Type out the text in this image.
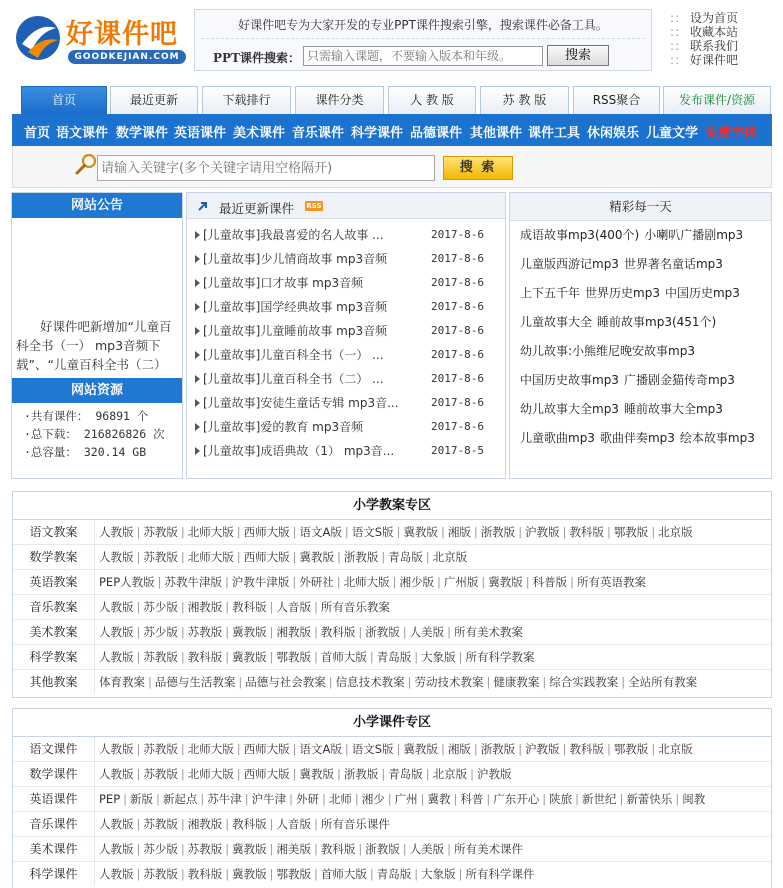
好课件吧
GOODKEJIAN.COM
好课件吧专为大家开发的专业PPT课件搜索引擎，搜索课件必备工具。
PPT课件搜索：
只需输入课题，不要输入版本和年级。	搜索
:: 设为首页
:: 收藏本站
:: 联系我们
:: 好课件吧
首页	最近更新	下载排行	课件分类	人 教 版	苏 教 版	RSS聚合	发布课件/资源
首页 语文课件 数学课件 英语课件 美术课件 音乐课件 科学课件 品德课件 其他课件 课件工具 休闲娱乐 儿童文学 免费字体
请输入关键字(多个关键字请用空格隔开)
搜 索
网站公告

好课件吧新增加“儿童百科全书（一） mp3音频下载”、“儿童百科全书（二）

网站资源
·共有课件： 96891 个
·总下载： 216826826 次
·总容量： 320.14 GB
最近更新课件 RSS
[儿童故事]我最喜爱的名人故事 ...	2017-8-6
[儿童故事]少儿情商故事 mp3音频	2017-8-6
[儿童故事]口才故事 mp3音频	2017-8-6
[儿童故事]国学经典故事 mp3音频	2017-8-6
[儿童故事]儿童睡前故事 mp3音频	2017-8-6
[儿童故事]儿童百科全书（一） ...	2017-8-6
[儿童故事]儿童百科全书（二） ...	2017-8-6
[儿童故事]安徒生童话专辑 mp3音...	2017-8-6
[儿童故事]爱的教育 mp3音频	2017-8-6
[儿童故事]成语典故（1） mp3音...	2017-8-5
精彩每一天
成语故事mp3(400个) 小喇叭广播剧mp3
儿童版西游记mp3 世界著名童话mp3
上下五千年 世界历史mp3 中国历史mp3
儿童故事大全 睡前故事mp3(451个)
幼儿故事:小熊维尼晚安故事mp3
中国历史故事mp3 广播剧金猫传奇mp3
幼儿故事大全mp3 睡前故事大全mp3
儿童歌曲mp3 歌曲伴奏mp3 绘本故事mp3
小学教案专区
语文教案	人教版 | 苏教版 | 北师大版 | 西师大版 | 语文A版 | 语文S版 | 冀教版 | 湘版 | 浙教版 | 沪教版 | 教科版 | 鄂教版 | 北京版
数学教案	人教版 | 苏教版 | 北师大版 | 西师大版 | 冀教版 | 浙教版 | 青岛版 | 北京版
英语教案	PEP人教版 | 苏教牛津版 | 沪教牛津版 | 外研社 | 北师大版 | 湘少版 | 广州版 | 冀教版 | 科普版 | 所有英语教案
音乐教案	人教版 | 苏少版 | 湘教版 | 教科版 | 人音版 | 所有音乐教案
美术教案	人教版 | 苏少版 | 苏教版 | 冀教版 | 湘教版 | 教科版 | 浙教版 | 人美版 | 所有美术教案
科学教案	人教版 | 苏教版 | 教科版 | 冀教版 | 鄂教版 | 首师大版 | 青岛版 | 大象版 | 所有科学教案
其他教案	体育教案 | 品德与生活教案 | 品德与社会教案 | 信息技术教案 | 劳动技术教案 | 健康教案 | 综合实践教案 | 全站所有教案
小学课件专区
语文课件	人教版 | 苏教版 | 北师大版 | 西师大版 | 语文A版 | 语文S版 | 冀教版 | 湘版 | 浙教版 | 沪教版 | 教科版 | 鄂教版 | 北京版
数学课件	人教版 | 苏教版 | 北师大版 | 西师大版 | 冀教版 | 浙教版 | 青岛版 | 北京版 | 沪教版
英语课件	PEP | 新版 | 新起点 | 苏牛津 | 沪牛津 | 外研 | 北师 | 湘少 | 广州 | 冀教 | 科普 | 广东开心 | 陕旅 | 新世纪 | 新蕾快乐 | 闽教
音乐课件	人教版 | 苏教版 | 湘教版 | 教科版 | 人音版 | 所有音乐课件
美术课件	人教版 | 苏少版 | 苏教版 | 冀教版 | 湘美版 | 教科版 | 浙教版 | 人美版 | 所有美术课件
科学课件	人教版 | 苏教版 | 教科版 | 冀教版 | 鄂教版 | 首师大版 | 青岛版 | 大象版 | 所有科学课件
